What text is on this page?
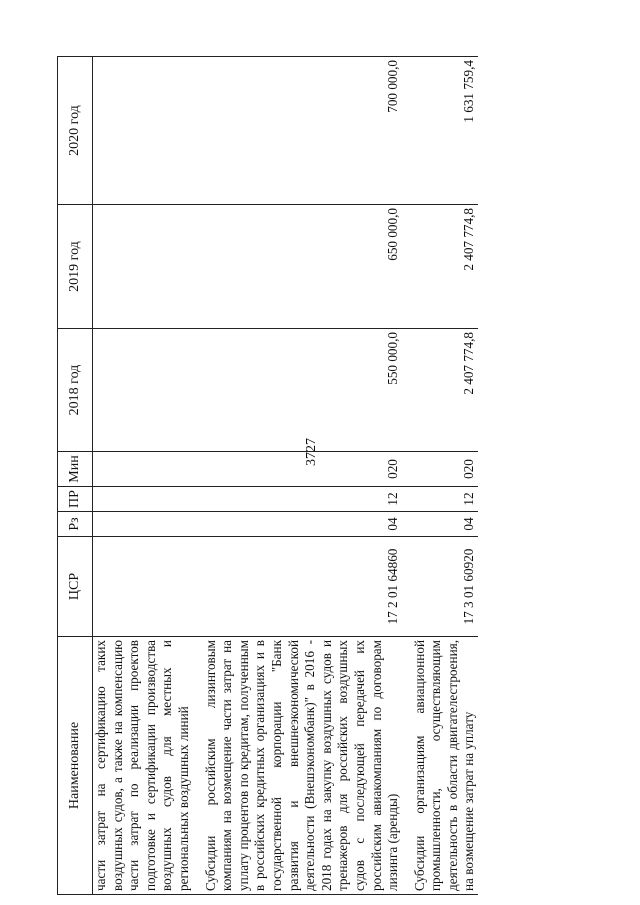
3727
Наименование	ЦСР	Рз	ПР	Мин	2018 год	2019 год	2020 год
части затрат на сертификацию таких воздушных судов, а также на компенсацию части затрат по реализации проектов подготовке и сертификации производства воздушных судов для местных и региональных воздушных линий							
Субсидии российским лизинговым компаниям на возмещение части затрат на уплату процентов по кредитам, полученным в российских кредитных организациях и в государственной корпорации "Банк развития и внешнеэкономической деятельности (Внешэкономбанк)" в 2016 - 2018 годах на закупку воздушных судов и тренажеров для российских воздушных судов с последующей передачей их российским авиакомпаниям по договорам лизинга (аренды)	17 2 01 64860	04	12	020	550 000,0	650 000,0	700 000,0
Субсидии организациям авиационной промышленности, осуществляющим деятельность в области двигателестроения, на возмещение затрат на уплату	17 3 01 60920	04	12	020	2 407 774,8	2 407 774,8	1 631 759,4
